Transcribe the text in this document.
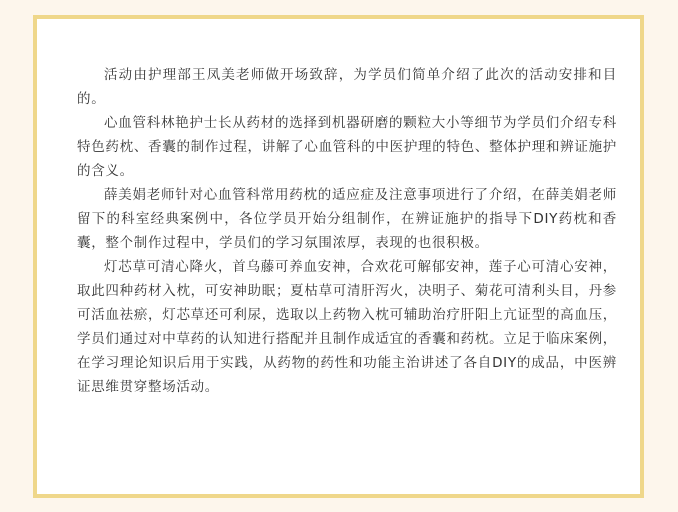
活动由护理部王凤美老师做开场致辞，为学员们简单介绍了此次的活动安排和目的。

心血管科林艳护士长从药材的选择到机器研磨的颗粒大小等细节为学员们介绍专科特色药枕、香囊的制作过程，讲解了心血管科的中医护理的特色、整体护理和辨证施护的含义。

薛美娟老师针对心血管科常用药枕的适应症及注意事项进行了介绍，在薛美娟老师留下的科室经典案例中，各位学员开始分组制作，在辨证施护的指导下DIY药枕和香囊，整个制作过程中，学员们的学习氛围浓厚，表现的也很积极。

灯芯草可清心降火，首乌藤可养血安神，合欢花可解郁安神，莲子心可清心安神，取此四种药材入枕，可安神助眠；夏枯草可清肝泻火，决明子、菊花可清利头目，丹参可活血祛瘀，灯芯草还可利尿，选取以上药物入枕可辅助治疗肝阳上亢证型的高血压，学员们通过对中草药的认知进行搭配并且制作成适宜的香囊和药枕。立足于临床案例，在学习理论知识后用于实践，从药物的药性和功能主治讲述了各自DIY的成品，中医辨证思维贯穿整场活动。
